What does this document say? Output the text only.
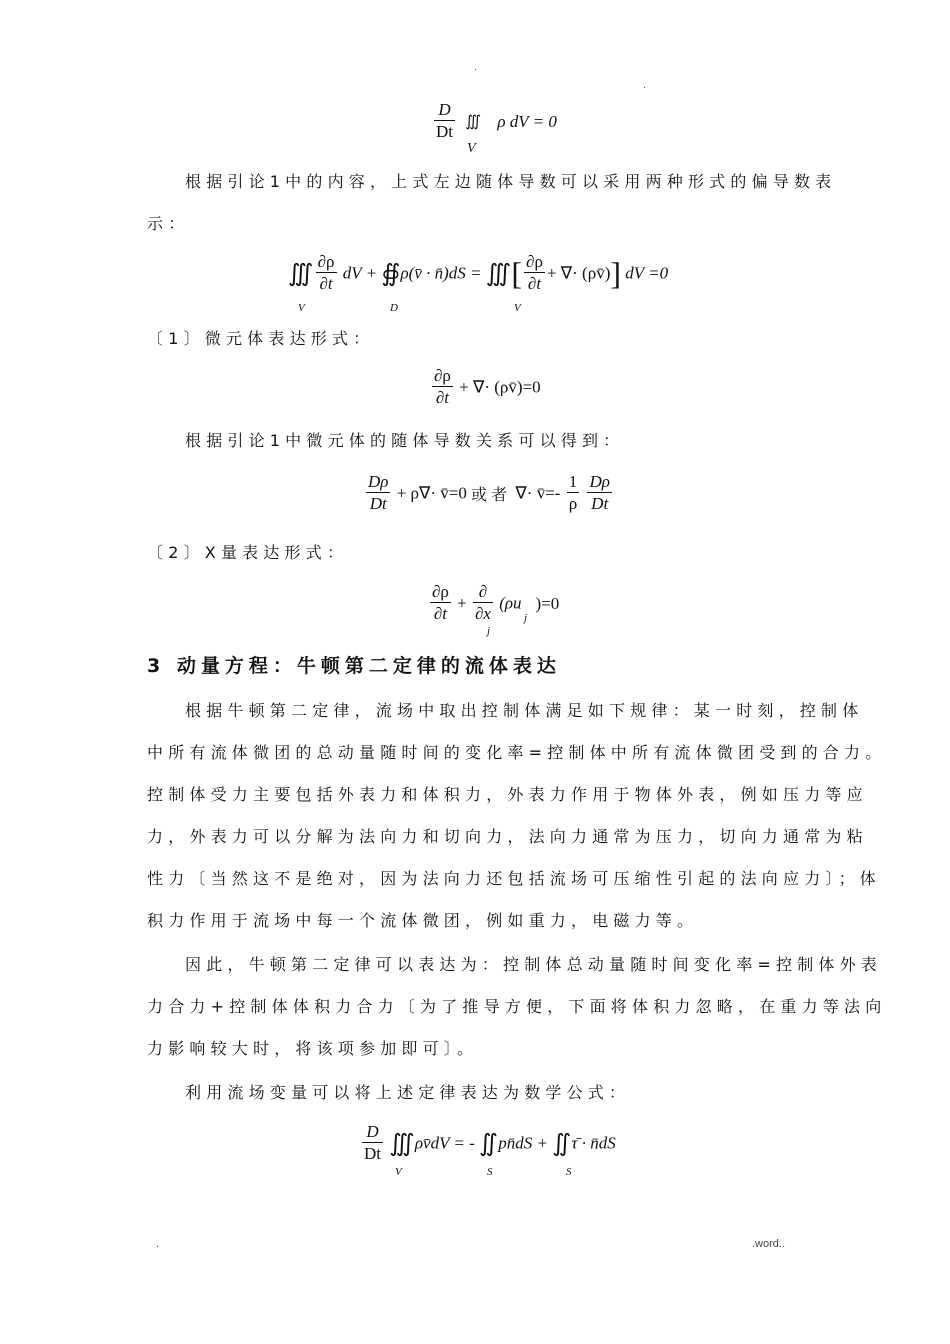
.
.
$\frac{D}{Dt}$ ∭ ρ dV = 0
V
根据引论1中的内容，上式左边随体导数可以采用两种形式的偏导数表
示：
∭ $\frac{\partial\rho}{\partial t}$ dV + ∯ ρ(v̄ · n̄)dS = ∭ [ $\frac{\partial\rho}{\partial t}$ + ∇· (ρv̄)] dV =0
V	D	V
〔1〕微元体表达形式：
$\frac{\partial\rho}{\partial t}$ + ∇· (ρv̄)=0
根据引论1中微元体的随体导数关系可以得到：
$\frac{D\rho}{Dt} + \rho\nabla\cdot$ v̄=0 或者 ∇· v̄=- $\frac{1}{\rho}$
$\frac{D\rho}{Dt}$
〔2〕X量表达形式：
$\frac{\partial\rho}{\partial t} + \frac{\partial}{\partial x} (\rho u$ )=0
j
j
3 动量方程：牛顿第二定律的流体表达
根据牛顿第二定律，流场中取出控制体满足如下规律：某一时刻，控制体
中所有流体微团的总动量随时间的变化率=控制体中所有流体微团受到的合力。
控制体受力主要包括外表力和体积力，外表力作用于物体外表，例如压力等应
力，外表力可以分解为法向力和切向力，法向力通常为压力，切向力通常为粘
性力〔当然这不是绝对，因为法向力还包括流场可压缩性引起的法向应力〕；体
积力作用于流场中每一个流体微团，例如重力，电磁力等。
因此，牛顿第二定律可以表达为：控制体总动量随时间变化率=控制体外表
力合力+控制体体积力合力〔为了推导方便，下面将体积力忽略，在重力等法向
力影响较大时，将该项参加即可〕。
利用流场变量可以将上述定律表达为数学公式：
$\frac{D}{Dt}$ ∭ ρv̄dV = - ∬ pn̄dS + ∬ τ̄ · n̄dS
V	S	S
.	.word..
